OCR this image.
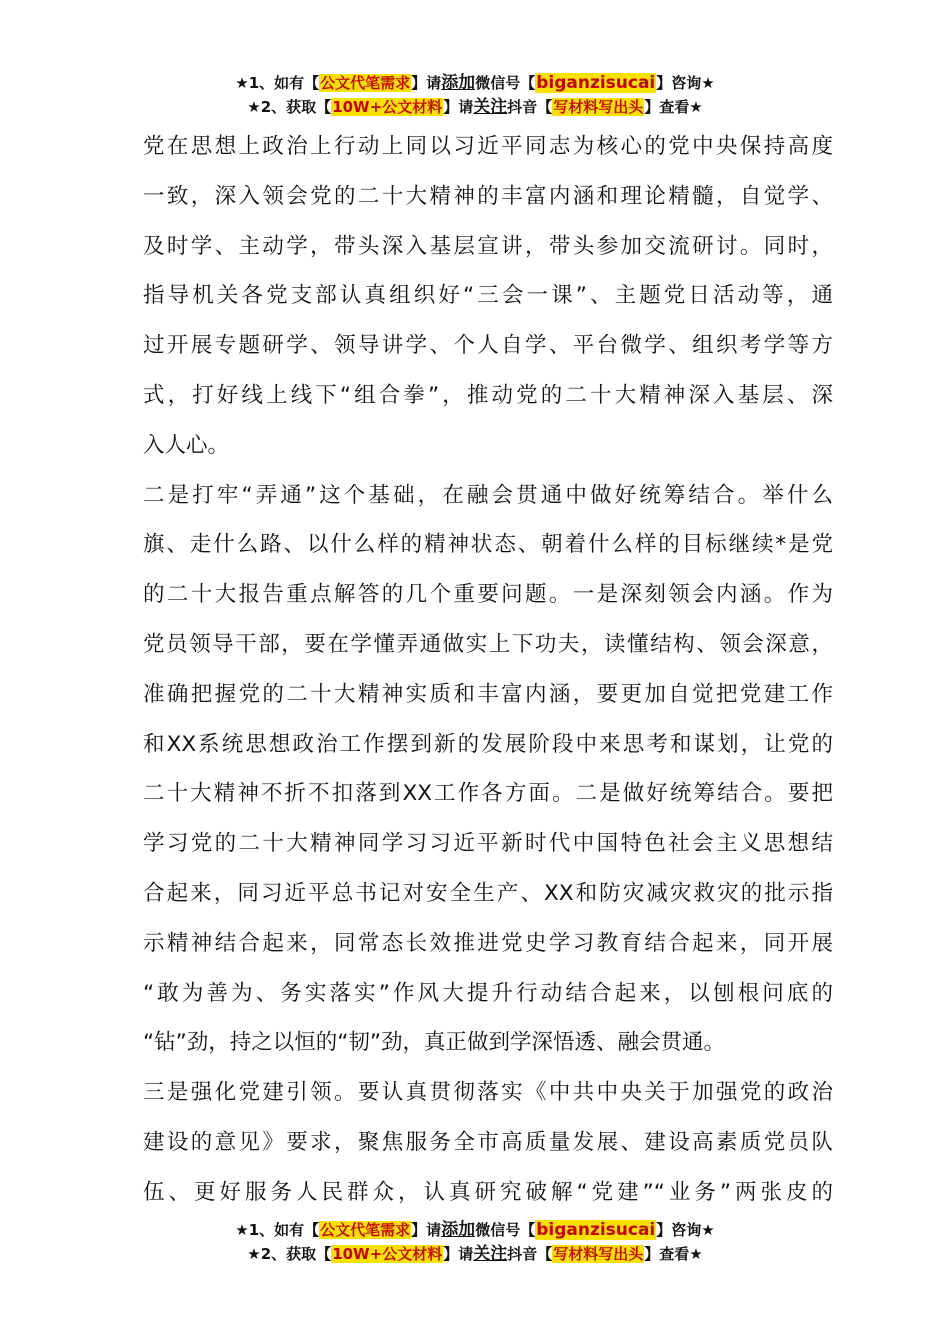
★1、如有【公文代笔需求】请添加微信号【biganzisucai】咨询★
★2、获取【10W+公文材料】请关注抖音【写材料写出头】查看★
党在思想上政治上行动上同以习近平同志为核心的党中央保持高度
一致，深入领会党的二十大精神的丰富内涵和理论精髓，自觉学、
及时学、主动学，带头深入基层宣讲，带头参加交流研讨。同时，
指导机关各党支部认真组织好“三会一课”、主题党日活动等，通
过开展专题研学、领导讲学、个人自学、平台微学、组织考学等方
式，打好线上线下“组合拳”，推动党的二十大精神深入基层、深
入人心。
二是打牢“弄通”这个基础，在融会贯通中做好统筹结合。举什么
旗、走什么路、以什么样的精神状态、朝着什么样的目标继续*是党
的二十大报告重点解答的几个重要问题。一是深刻领会内涵。作为
党员领导干部，要在学懂弄通做实上下功夫，读懂结构、领会深意，
准确把握党的二十大精神实质和丰富内涵，要更加自觉把党建工作
和XX系统思想政治工作摆到新的发展阶段中来思考和谋划，让党的
二十大精神不折不扣落到XX工作各方面。二是做好统筹结合。要把
学习党的二十大精神同学习习近平新时代中国特色社会主义思想结
合起来，同习近平总书记对安全生产、XX和防灾减灾救灾的批示指
示精神结合起来，同常态长效推进党史学习教育结合起来，同开展
“敢为善为、务实落实”作风大提升行动结合起来，以刨根问底的
“钻”劲，持之以恒的“韧”劲，真正做到学深悟透、融会贯通。
三是强化党建引领。要认真贯彻落实《中共中央关于加强党的政治
建设的意见》要求，聚焦服务全市高质量发展、建设高素质党员队
伍、更好服务人民群众，认真研究破解“党建”“业务”两张皮的
★1、如有【公文代笔需求】请添加微信号【biganzisucai】咨询★
★2、获取【10W+公文材料】请关注抖音【写材料写出头】查看★
